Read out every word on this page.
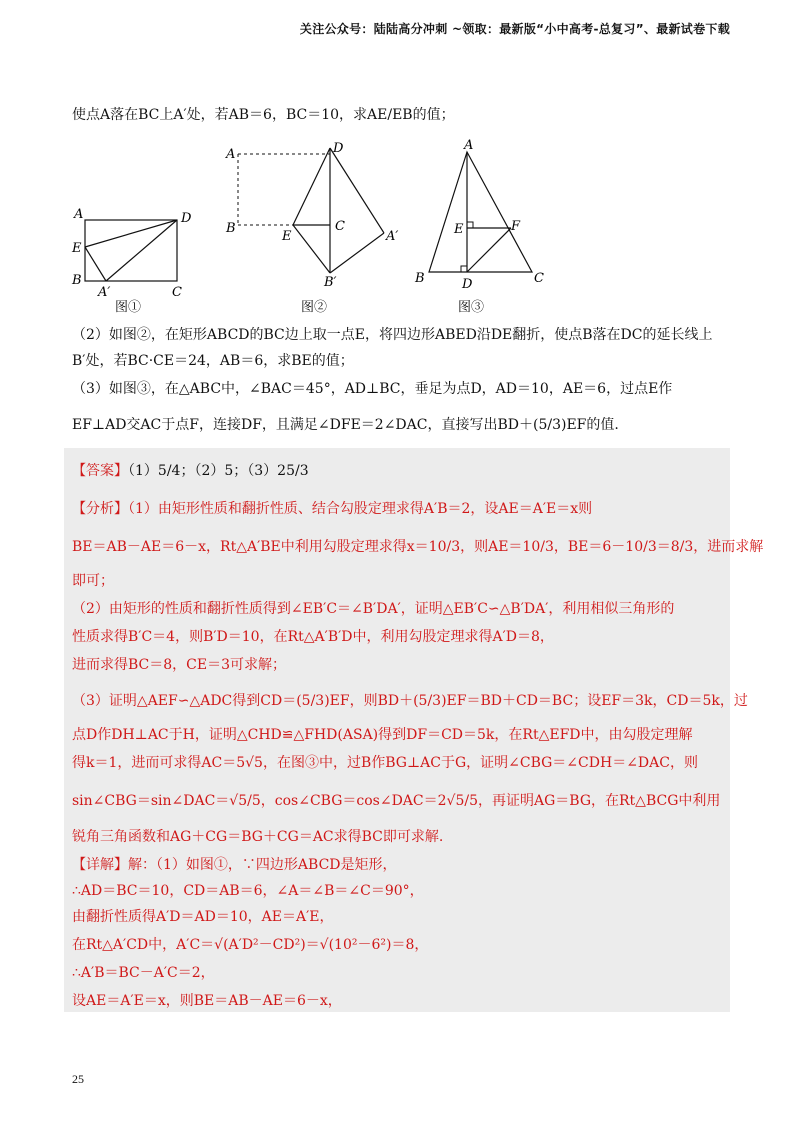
关注公众号：陆陆高分冲刺 ~领取：最新版“小中高考-总复习”、最新试卷下载
使点A落在BC上A′处，若AB＝6，BC＝10，求AE/EB的值；
A	D
E
B
A′	C
图①
A	D
B
E
C
A′
B′
图②
A
E	F
B	D	C
图③
（2）如图②，在矩形ABCD的BC边上取一点E，将四边形ABED沿DE翻折，使点B落在DC的延长线上
B′处，若BC·CE＝24，AB＝6，求BE的值；
（3）如图③，在△ABC中，∠BAC＝45°，AD⊥BC，垂足为点D，AD＝10，AE＝6，过点E作
EF⊥AD交AC于点F，连接DF，且满足∠DFE＝2∠DAC，直接写出BD＋(5/3)EF的值.
【答案】（1）5/4；（2）5；（3）25/3
【分析】（1）由矩形性质和翻折性质、结合勾股定理求得A′B＝2，设AE＝A′E＝x则
BE＝AB－AE＝6－x，Rt△A′BE中利用勾股定理求得x＝10/3，则AE＝10/3，BE＝6－10/3＝8/3，进而求解
即可；
（2）由矩形的性质和翻折性质得到∠EB′C＝∠B′DA′，证明△EB′C∽△B′DA′，利用相似三角形的
性质求得B′C＝4，则B′D＝10，在Rt△A′B′D中，利用勾股定理求得A′D＝8，
进而求得BC＝8，CE＝3可求解；
（3）证明△AEF∽△ADC得到CD＝(5/3)EF，则BD＋(5/3)EF＝BD＋CD＝BC；设EF＝3k，CD＝5k，过
点D作DH⊥AC于H，证明△CHD≌△FHD(ASA)得到DF＝CD＝5k，在Rt△EFD中，由勾股定理解
得k＝1，进而可求得AC＝5√5，在图③中，过B作BG⊥AC于G，证明∠CBG＝∠CDH＝∠DAC，则
sin∠CBG＝sin∠DAC＝√5/5，cos∠CBG＝cos∠DAC＝2√5/5，再证明AG＝BG，在Rt△BCG中利用
锐角三角函数和AG＋CG＝BG＋CG＝AC求得BC即可求解.
【详解】解：（1）如图①，∵四边形ABCD是矩形，
∴AD＝BC＝10，CD＝AB＝6，∠A＝∠B＝∠C＝90°，
由翻折性质得A′D＝AD＝10，AE＝A′E，
在Rt△A′CD中，A′C＝√(A′D²－CD²)＝√(10²－6²)＝8，
∴A′B＝BC－A′C＝2，
设AE＝A′E＝x，则BE＝AB－AE＝6－x，
25
